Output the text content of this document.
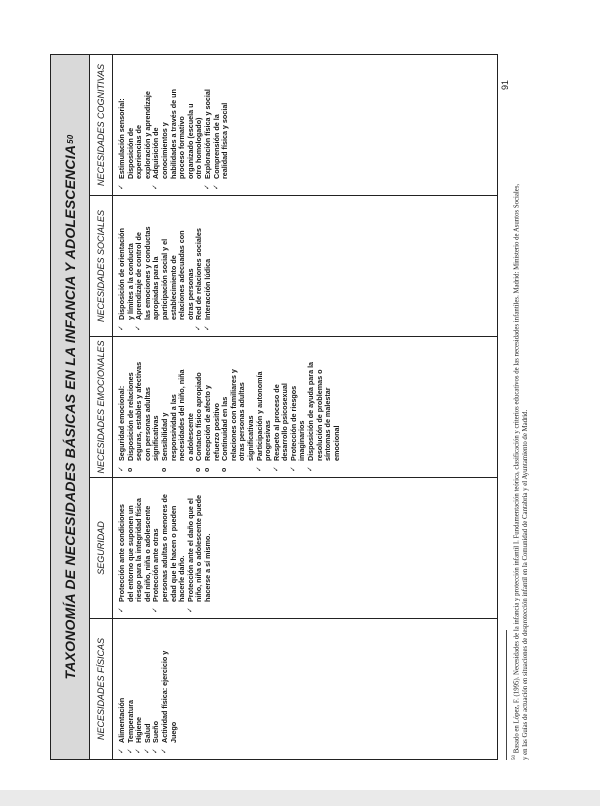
TAXONOMÍA DE NECESIDADES BÁSICAS EN LA INFANCIA Y ADOLESCENCIA
50
NECESIDADES FÍSICAS
SEGURIDAD
NECESIDADES EMOCIONALES
NECESIDADES SOCIALES
NECESIDADES COGNITIVAS
✓
Alimentación
✓ Temperatura
✓ Higiene
✓ Salud
✓ Sueño
✓ Actividad física: ejercicio y Juego
✓
Protección ante condiciones del entorno que suponen un riesgo para la integridad física del niño, niña o adolescente
✓ Protección ante otras personas adultas o menores de edad que le hacen o pueden hacerle daño.
✓ Protección ante el daño que el niño, niña o adolescente puede hacerse a sí mismo.
✓
Seguridad emocional:
o Disposición de relaciones seguras, estables y afectivas con personas adultas significativas
o Sensibilidad y responsividad a las necesidades del niño, niña o adolescente
o Contacto físico apropiado
o Recepción de afecto y refuerzo positivo
o Continuidad en las relaciones con familiares y otras personas adultas significativas
✓ Participación y autonomía progresivas
✓ Respeto al proceso de desarrollo psicosexual
✓ Protección de riesgos imaginarios
✓ Disposición de ayuda para la resolución de problemas o síntomas de malestar emocional
✓
Disposición de orientación y límites a la conducta
✓ Aprendizaje de control de las emociones y conductas apropiadas para la participación social y el establecimiento de relaciones adecuadas con otras personas
✓ Red de relaciones sociales
✓ Interacción lúdica
✓
Estimulación sensorial: Disposición de experiencias de exploración y aprendizaje
✓ Adquisición de conocimientos y habilidades a través de un proceso formativo organizado (escuela u otro homologado)
✓ Exploración física y social
✓ Comprensión de la realidad física y social
91
$^{50}$ Basado en López, F. (1995). Necesidades de la infancia y protección infantil I. Fundamentación teórica, clasificación y criterios educativos de las necesidades infantiles. Madrid: Ministerio de Asuntos Sociales, y en las Guías de actuación en situaciones de desprotección infantil en la Comunidad de Cantabria y el Ayuntamiento de Madrid.
